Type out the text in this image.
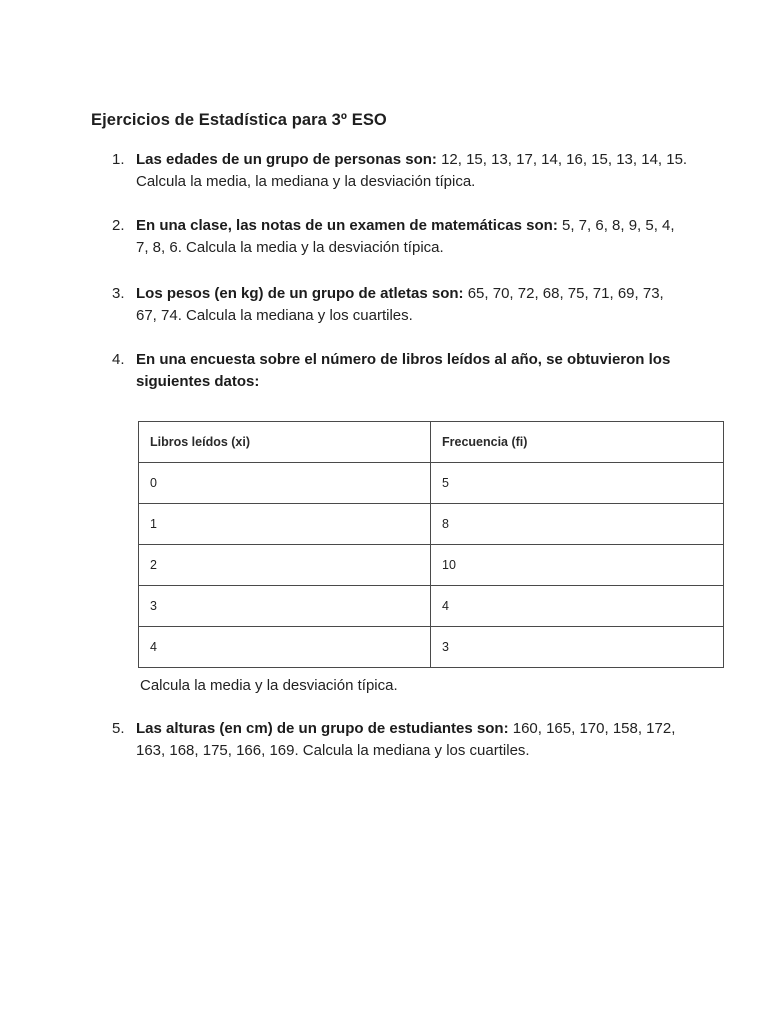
Ejercicios de Estadística para 3º ESO
1. Las edades de un grupo de personas son: 12, 15, 13, 17, 14, 16, 15, 13, 14, 15.
Calcula la media, la mediana y la desviación típica.
2. En una clase, las notas de un examen de matemáticas son: 5, 7, 6, 8, 9, 5, 4,
7, 8, 6. Calcula la media y la desviación típica.
3. Los pesos (en kg) de un grupo de atletas son: 65, 70, 72, 68, 75, 71, 69, 73,
67, 74. Calcula la mediana y los cuartiles.
4. En una encuesta sobre el número de libros leídos al año, se obtuvieron los
siguientes datos:
Libros leídos (xi)	Frecuencia (fi)
0	5
1	8
2	10
3	4
4	3
Calcula la media y la desviación típica.
5. Las alturas (en cm) de un grupo de estudiantes son: 160, 165, 170, 158, 172,
163, 168, 175, 166, 169. Calcula la mediana y los cuartiles.
